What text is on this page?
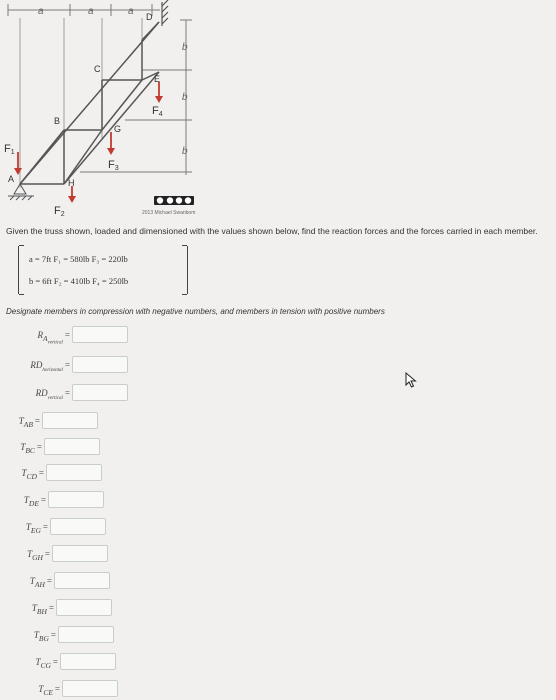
a	a	a
b
b
b
A
B
C
D
E
G
H
F1
F2
F3
F4
2013 Michael Swanbom
Given the truss shown, loaded and dimensioned with the values shown below, find the reaction forces and the forces carried in each member.
a = 7ft F₁ = 580lb F₃ = 220lb
b = 6ft F₂ = 410lb F₄ = 250lb
Designate members in compression with negative numbers, and members in tension with positive numbers
$R_{A_{vertical}}=$
$RD_{horizontal}=$
$RD_{vertical}=$
$T_{AB}$ =
$T_{BC}$ =
$T_{CD}$ =
$T_{DE}$ =
$T_{EG}$ =
$T_{GH}$ =
$T_{AH}$ =
$T_{BH}$ =
$T_{BG}$ =
$T_{CG}$ =
$T_{CE}$ =
